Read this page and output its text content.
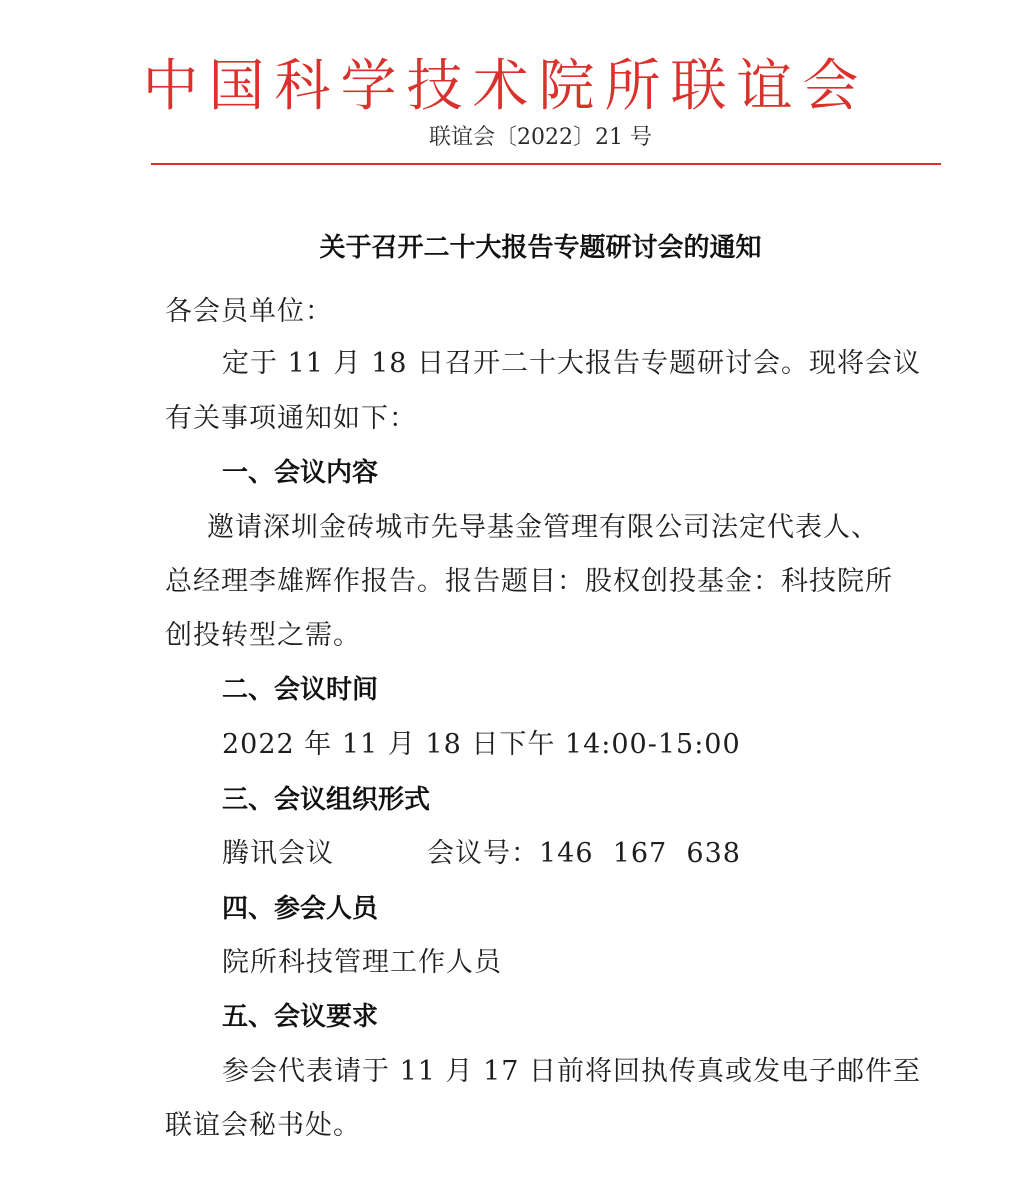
中国科学技术院所联谊会
联谊会〔2022〕21 号
关于召开二十大报告专题研讨会的通知
各会员单位：
定于 11 月 18 日召开二十大报告专题研讨会。现将会议
有关事项通知如下：
一、会议内容
邀请深圳金砖城市先导基金管理有限公司法定代表人、
总经理李雄辉作报告。报告题目：股权创投基金：科技院所
创投转型之需。
二、会议时间
2022 年 11 月 18 日下午 14:00-15:00
三、会议组织形式
腾讯会议	会议号：146  167  638
四、参会人员
院所科技管理工作人员
五、会议要求
参会代表请于 11 月 17 日前将回执传真或发电子邮件至
联谊会秘书处。
